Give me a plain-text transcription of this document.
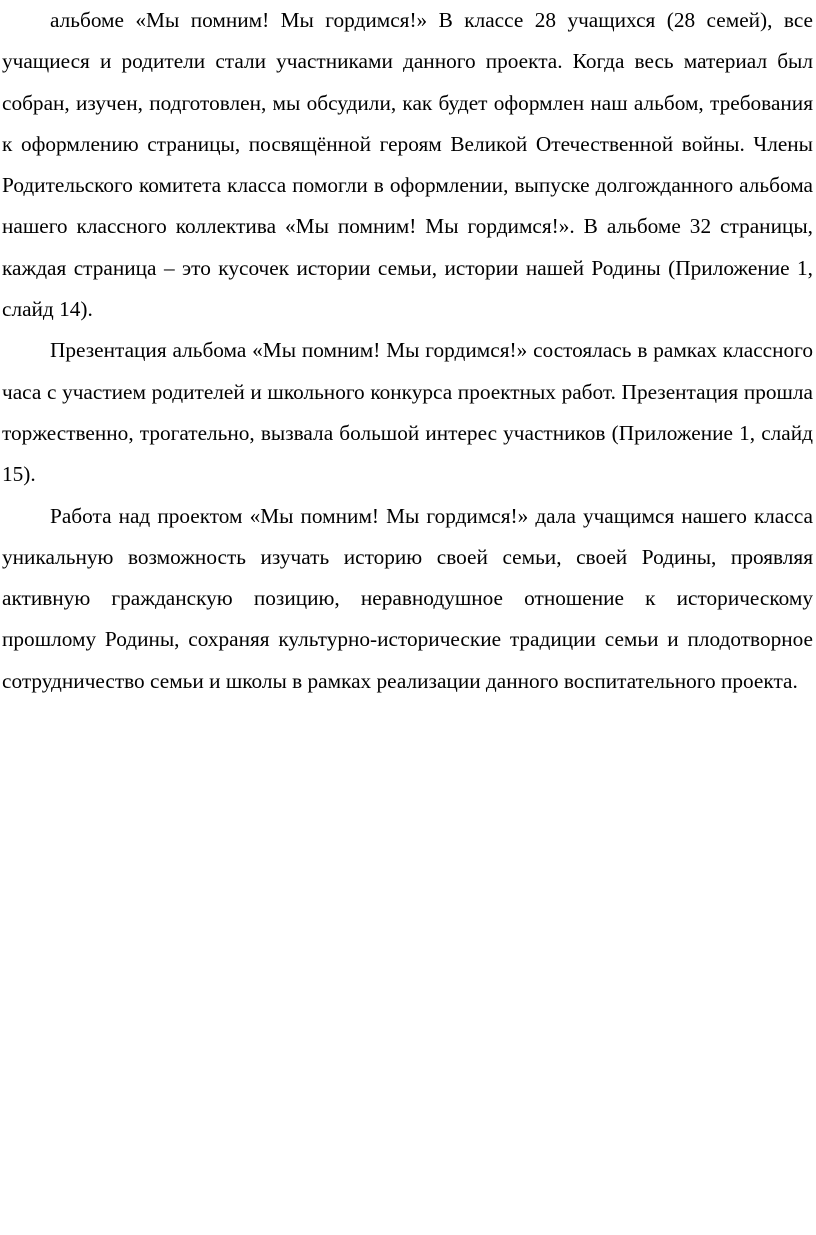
альбоме «Мы помним! Мы гордимся!» В классе 28 учащихся (28 семей), все учащиеся и родители стали участниками данного проекта. Когда весь материал был собран, изучен, подготовлен, мы обсудили, как будет оформлен наш альбом, требования к оформлению страницы, посвящённой героям Великой Отечественной войны. Члены Родительского комитета класса помогли в оформлении, выпуске долгожданного альбома нашего классного коллектива «Мы помним! Мы гордимся!». В альбоме 32 страницы, каждая страница – это кусочек истории семьи, истории нашей Родины (Приложение 1, слайд 14).

Презентация альбома «Мы помним! Мы гордимся!» состоялась в рамках классного часа с участием родителей и школьного конкурса проектных работ. Презентация прошла торжественно, трогательно, вызвала большой интерес участников (Приложение 1, слайд 15).

Работа над проектом «Мы помним! Мы гордимся!» дала учащимся нашего класса уникальную возможность изучать историю своей семьи, своей Родины, проявляя активную гражданскую позицию, неравнодушное отношение к историческому прошлому Родины, сохраняя культурно-исторические традиции семьи и плодотворное сотрудничество семьи и школы в рамках реализации данного воспитательного проекта.
